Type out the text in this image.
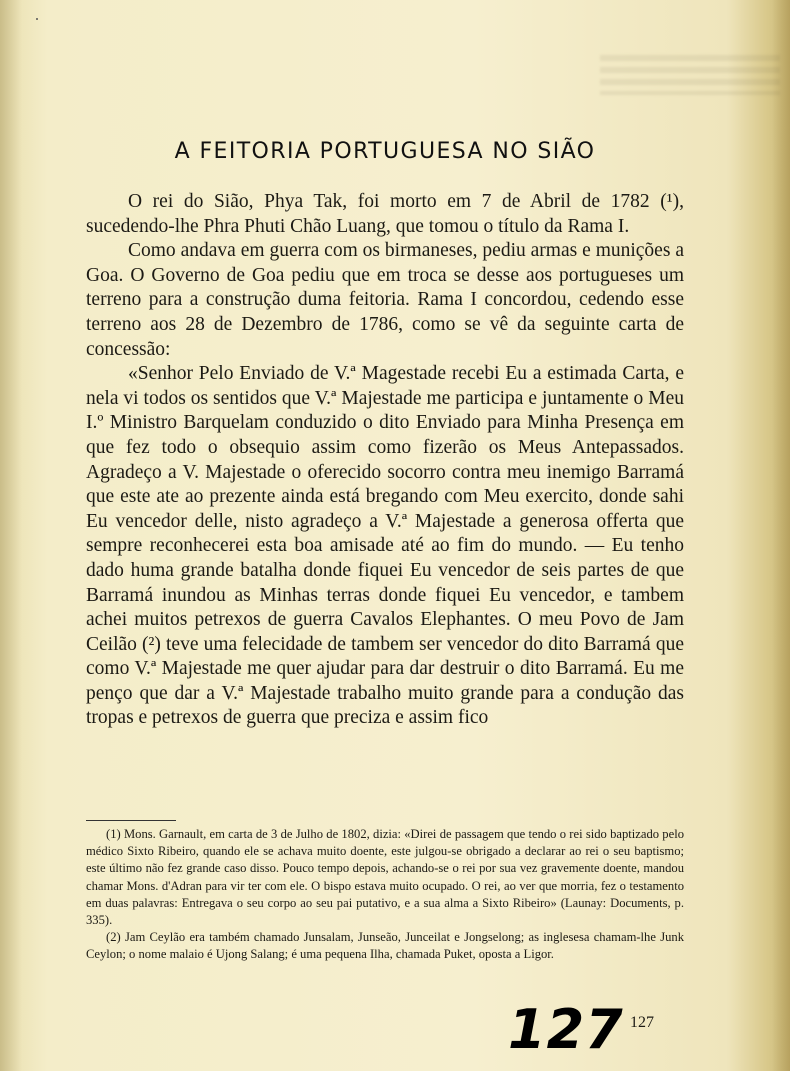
A FEITORIA PORTUGUESA NO SIÃO

O rei do Sião, Phya Tak, foi morto em 7 de Abril de 1782 (¹), sucedendo-lhe Phra Phuti Chão Luang, que tomou o título da Rama I.

Como andava em guerra com os birmaneses, pediu armas e munições a Goa. O Governo de Goa pediu que em troca se desse aos portugueses um terreno para a construção duma feitoria. Rama I concordou, cedendo esse terreno aos 28 de Dezembro de 1786, como se vê da seguinte carta de concessão:

«Senhor Pelo Enviado de V.ª Magestade recebi Eu a estimada Carta, e nela vi todos os sentidos que V.ª Majestade me participa e juntamente o Meu I.º Ministro Barquelam conduzido o dito Enviado para Minha Presença em que fez todo o obsequio assim como fizerão os Meus Antepassados. Agradeço a V. Majestade o oferecido socorro contra meu inemigo Barramá que este ate ao prezente ainda está bregando com Meu exercito, donde sahi Eu vencedor delle, nisto agradeço a V.ª Majestade a generosa offerta que sempre reconhecerei esta boa amisade até ao fim do mundo. — Eu tenho dado huma grande batalha donde fiquei Eu vencedor de seis partes de que Barramá inundou as Minhas terras donde fiquei Eu vencedor, e tambem achei muitos petrexos de guerra Cavalos Elephantes. O meu Povo de Jam Ceilão (²) teve uma felecidade de tambem ser vencedor do dito Barramá que como V.ª Majestade me quer ajudar para dar destruir o dito Barramá. Eu me penço que dar a V.ª Majestade trabalho muito grande para a condução das tropas e petrexos de guerra que preciza e assim fico

(1) Mons. Garnault, em carta de 3 de Julho de 1802, dizia: «Direi de passagem que tendo o rei sido baptizado pelo médico Sixto Ribeiro, quando ele se achava muito doente, este julgou-se obrigado a declarar ao rei o seu baptismo; este último não fez grande caso disso. Pouco tempo depois, achando-se o rei por sua vez gravemente doente, mandou chamar Mons. d'Adran para vir ter com ele. O bispo estava muito ocupado. O rei, ao ver que morria, fez o testamento em duas palavras: Entregava o seu corpo ao seu pai putativo, e a sua alma a Sixto Ribeiro» (Launay: Documents, p. 335).

(2) Jam Ceylão era também chamado Junsalam, Junseão, Junceilat e Jongselong; as inglesesa chamam-lhe Junk Ceylon; o nome malaio é Ujong Salang; é uma pequena Ilha, chamada Puket, oposta a Ligor.

127 127
